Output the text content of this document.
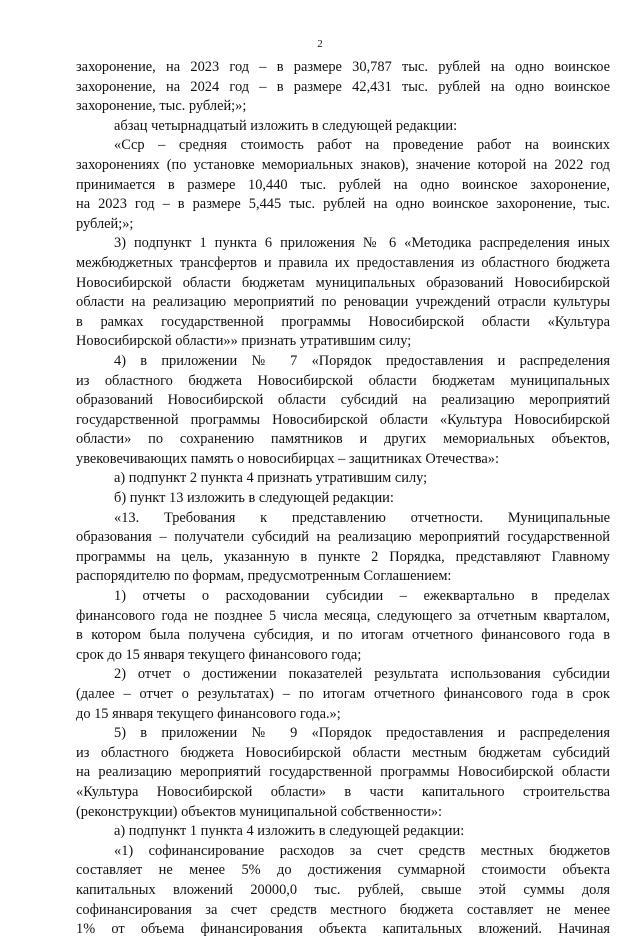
2
захоронение, на 2023 год – в размере 30,787 тыс. рублей на одно воинское
захоронение, на 2024 год – в размере 42,431 тыс. рублей на одно воинское
захоронение, тыс. рублей;»;
абзац четырнадцатый изложить в следующей редакции:
«Сср – средняя стоимость работ на проведение работ на воинских
захоронениях (по установке мемориальных знаков), значение которой на 2022 год
принимается в размере 10,440 тыс. рублей на одно воинское захоронение,
на 2023 год – в размере 5,445 тыс. рублей на одно воинское захоронение, тыс.
рублей;»;
3) подпункт 1 пункта 6 приложения № 6 «Методика распределения иных
межбюджетных трансфертов и правила их предоставления из областного бюджета
Новосибирской области бюджетам муниципальных образований Новосибирской
области на реализацию мероприятий по реновации учреждений отрасли культуры
в рамках государственной программы Новосибирской области «Культура
Новосибирской области»» признать утратившим силу;
4) в приложении № 7 «Порядок предоставления и распределения
из областного бюджета Новосибирской области бюджетам муниципальных
образований Новосибирской области субсидий на реализацию мероприятий
государственной программы Новосибирской области «Культура Новосибирской
области» по сохранению памятников и других мемориальных объектов,
увековечивающих память о новосибирцах – защитниках Отечества»:
а) подпункт 2 пункта 4 признать утратившим силу;
б) пункт 13 изложить в следующей редакции:
«13. Требования к представлению отчетности. Муниципальные
образования – получатели субсидий на реализацию мероприятий государственной
программы на цель, указанную в пункте 2 Порядка, представляют Главному
распорядителю по формам, предусмотренным Соглашением:
1) отчеты о расходовании субсидии – ежеквартально в пределах
финансового года не позднее 5 числа месяца, следующего за отчетным кварталом,
в котором была получена субсидия, и по итогам отчетного финансового года в
срок до 15 января текущего финансового года;
2) отчет о достижении показателей результата использования субсидии
(далее – отчет о результатах) – по итогам отчетного финансового года в срок
до 15 января текущего финансового года.»;
5) в приложении № 9 «Порядок предоставления и распределения
из областного бюджета Новосибирской области местным бюджетам субсидий
на реализацию мероприятий государственной программы Новосибирской области
«Культура Новосибирской области» в части капитального строительства
(реконструкции) объектов муниципальной собственности»:
а) подпункт 1 пункта 4 изложить в следующей редакции:
«1) софинансирование расходов за счет средств местных бюджетов
составляет не менее 5% до достижения суммарной стоимости объекта
капитальных вложений 20000,0 тыс. рублей, свыше этой суммы доля
софинансирования за счет средств местного бюджета составляет не менее
1% от объема финансирования объекта капитальных вложений. Начиная
